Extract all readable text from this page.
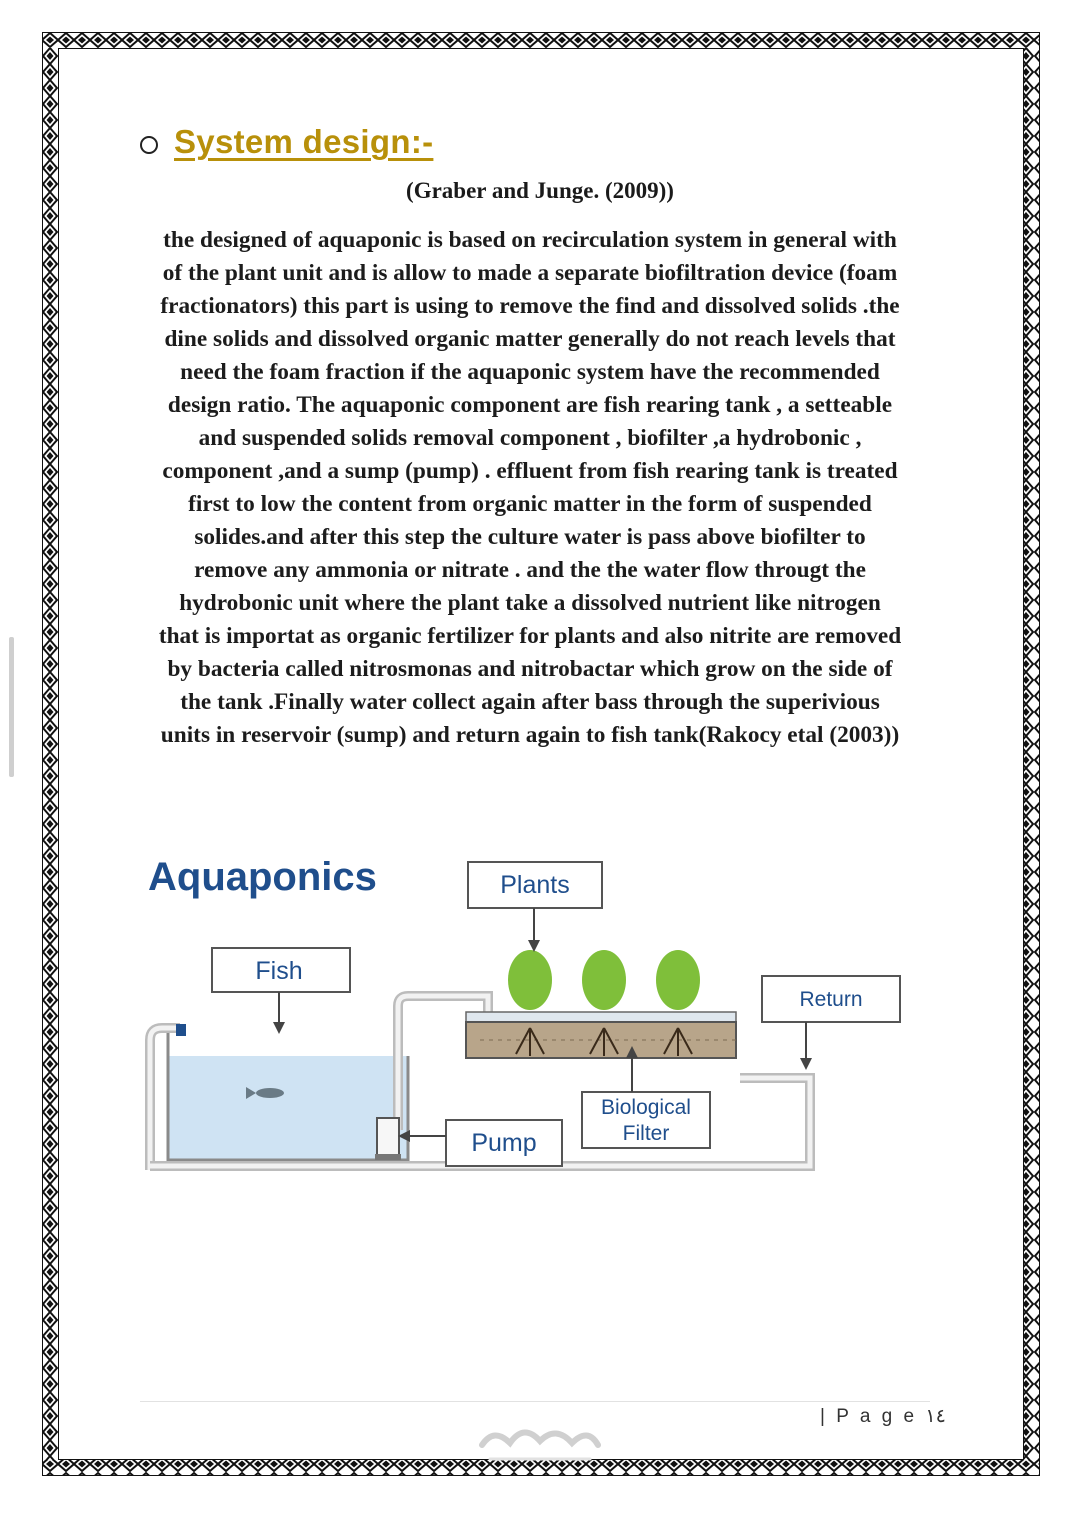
System design:-
(Graber and Junge. (2009))

the designed of aquaponic is based on recirculation system in general with
of the plant unit and is allow to made a separate biofiltration device (foam
fractionators) this part is using to remove the find and dissolved solids .the
dine solids and dissolved organic matter generally do not reach levels that
need the foam fraction if the aquaponic system have the recommended
design ratio. The aquaponic component are fish rearing tank , a setteable
and suspended solids removal component , biofilter ,a hydrobonic ,
component ,and a sump (pump) . effluent from fish rearing tank is treated
first to low the content from organic matter in the form of suspended
solides.and after this step the culture water is pass above biofilter to
remove any ammonia or nitrate . and the the water flow througt the
hydrobonic unit where the plant take a dissolved nutrient like nitrogen
that is importat as organic fertilizer for plants and also nitrite are removed
by bacteria called nitrosmonas and nitrobactar which grow on the side of
the tank .Finally water collect again after bass through the superivious
units in reservoir (sump) and return again to fish tank(Rakocy etal (2003))

Aquaponics	Plants
Fish
Return
Biological
Filter
Pump
| P a g e ١٤
